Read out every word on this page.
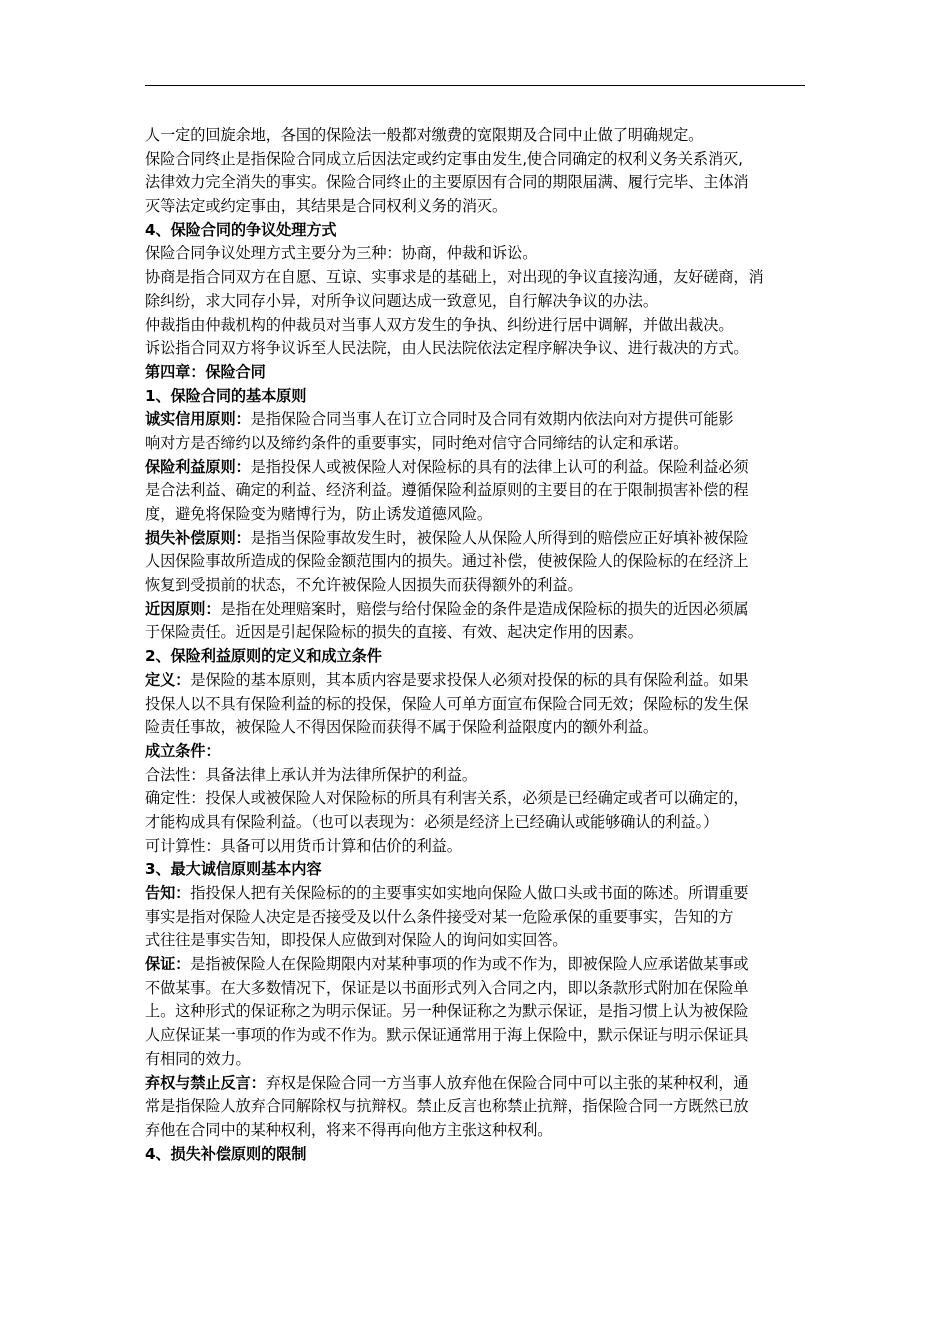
人一定的回旋余地，各国的保险法一般都对缴费的宽限期及合同中止做了明确规定。
保险合同终止是指保险合同成立后因法定或约定事由发生,使合同确定的权利义务关系消灭,
法律效力完全消失的事实。保险合同终止的主要原因有合同的期限届满、履行完毕、主体消
灭等法定或约定事由，其结果是合同权利义务的消灭。
4、保险合同的争议处理方式
保险合同争议处理方式主要分为三种：协商，仲裁和诉讼。
协商是指合同双方在自愿、互谅、实事求是的基础上，对出现的争议直接沟通，友好磋商，消
除纠纷，求大同存小异，对所争议问题达成一致意见，自行解决争议的办法。
仲裁指由仲裁机构的仲裁员对当事人双方发生的争执、纠纷进行居中调解，并做出裁决。
诉讼指合同双方将争议诉至人民法院，由人民法院依法定程序解决争议、进行裁决的方式。
第四章：保险合同
1、保险合同的基本原则
诚实信用原则：是指保险合同当事人在订立合同时及合同有效期内依法向对方提供可能影
响对方是否缔约以及缔约条件的重要事实，同时绝对信守合同缔结的认定和承诺。
保险利益原则：是指投保人或被保险人对保险标的具有的法律上认可的利益。保险利益必须
是合法利益、确定的利益、经济利益。遵循保险利益原则的主要目的在于限制损害补偿的程
度，避免将保险变为赌博行为，防止诱发道德风险。
损失补偿原则：是指当保险事故发生时，被保险人从保险人所得到的赔偿应正好填补被保险
人因保险事故所造成的保险金额范围内的损失。通过补偿，使被保险人的保险标的在经济上
恢复到受损前的状态，不允许被保险人因损失而获得额外的利益。
近因原则：是指在处理赔案时，赔偿与给付保险金的条件是造成保险标的损失的近因必须属
于保险责任。近因是引起保险标的损失的直接、有效、起决定作用的因素。
2、保险利益原则的定义和成立条件
定义：是保险的基本原则，其本质内容是要求投保人必须对投保的标的具有保险利益。如果
投保人以不具有保险利益的标的投保，保险人可单方面宣布保险合同无效；保险标的发生保
险责任事故，被保险人不得因保险而获得不属于保险利益限度内的额外利益。
成立条件：
合法性：具备法律上承认并为法律所保护的利益。
确定性：投保人或被保险人对保险标的所具有利害关系，必须是已经确定或者可以确定的，
才能构成具有保险利益。（也可以表现为：必须是经济上已经确认或能够确认的利益。）
可计算性：具备可以用货币计算和估价的利益。
3、最大诚信原则基本内容
告知：指投保人把有关保险标的的主要事实如实地向保险人做口头或书面的陈述。所谓重要
事实是指对保险人决定是否接受及以什么条件接受对某一危险承保的重要事实，告知的方
式往往是事实告知，即投保人应做到对保险人的询问如实回答。
保证：是指被保险人在保险期限内对某种事项的作为或不作为，即被保险人应承诺做某事或
不做某事。在大多数情况下，保证是以书面形式列入合同之内，即以条款形式附加在保险单
上。这种形式的保证称之为明示保证。另一种保证称之为默示保证，是指习惯上认为被保险
人应保证某一事项的作为或不作为。默示保证通常用于海上保险中，默示保证与明示保证具
有相同的效力。
弃权与禁止反言：弃权是保险合同一方当事人放弃他在保险合同中可以主张的某种权利，通
常是指保险人放弃合同解除权与抗辩权。禁止反言也称禁止抗辩，指保险合同一方既然已放
弃他在合同中的某种权利，将来不得再向他方主张这种权利。
4、损失补偿原则的限制
